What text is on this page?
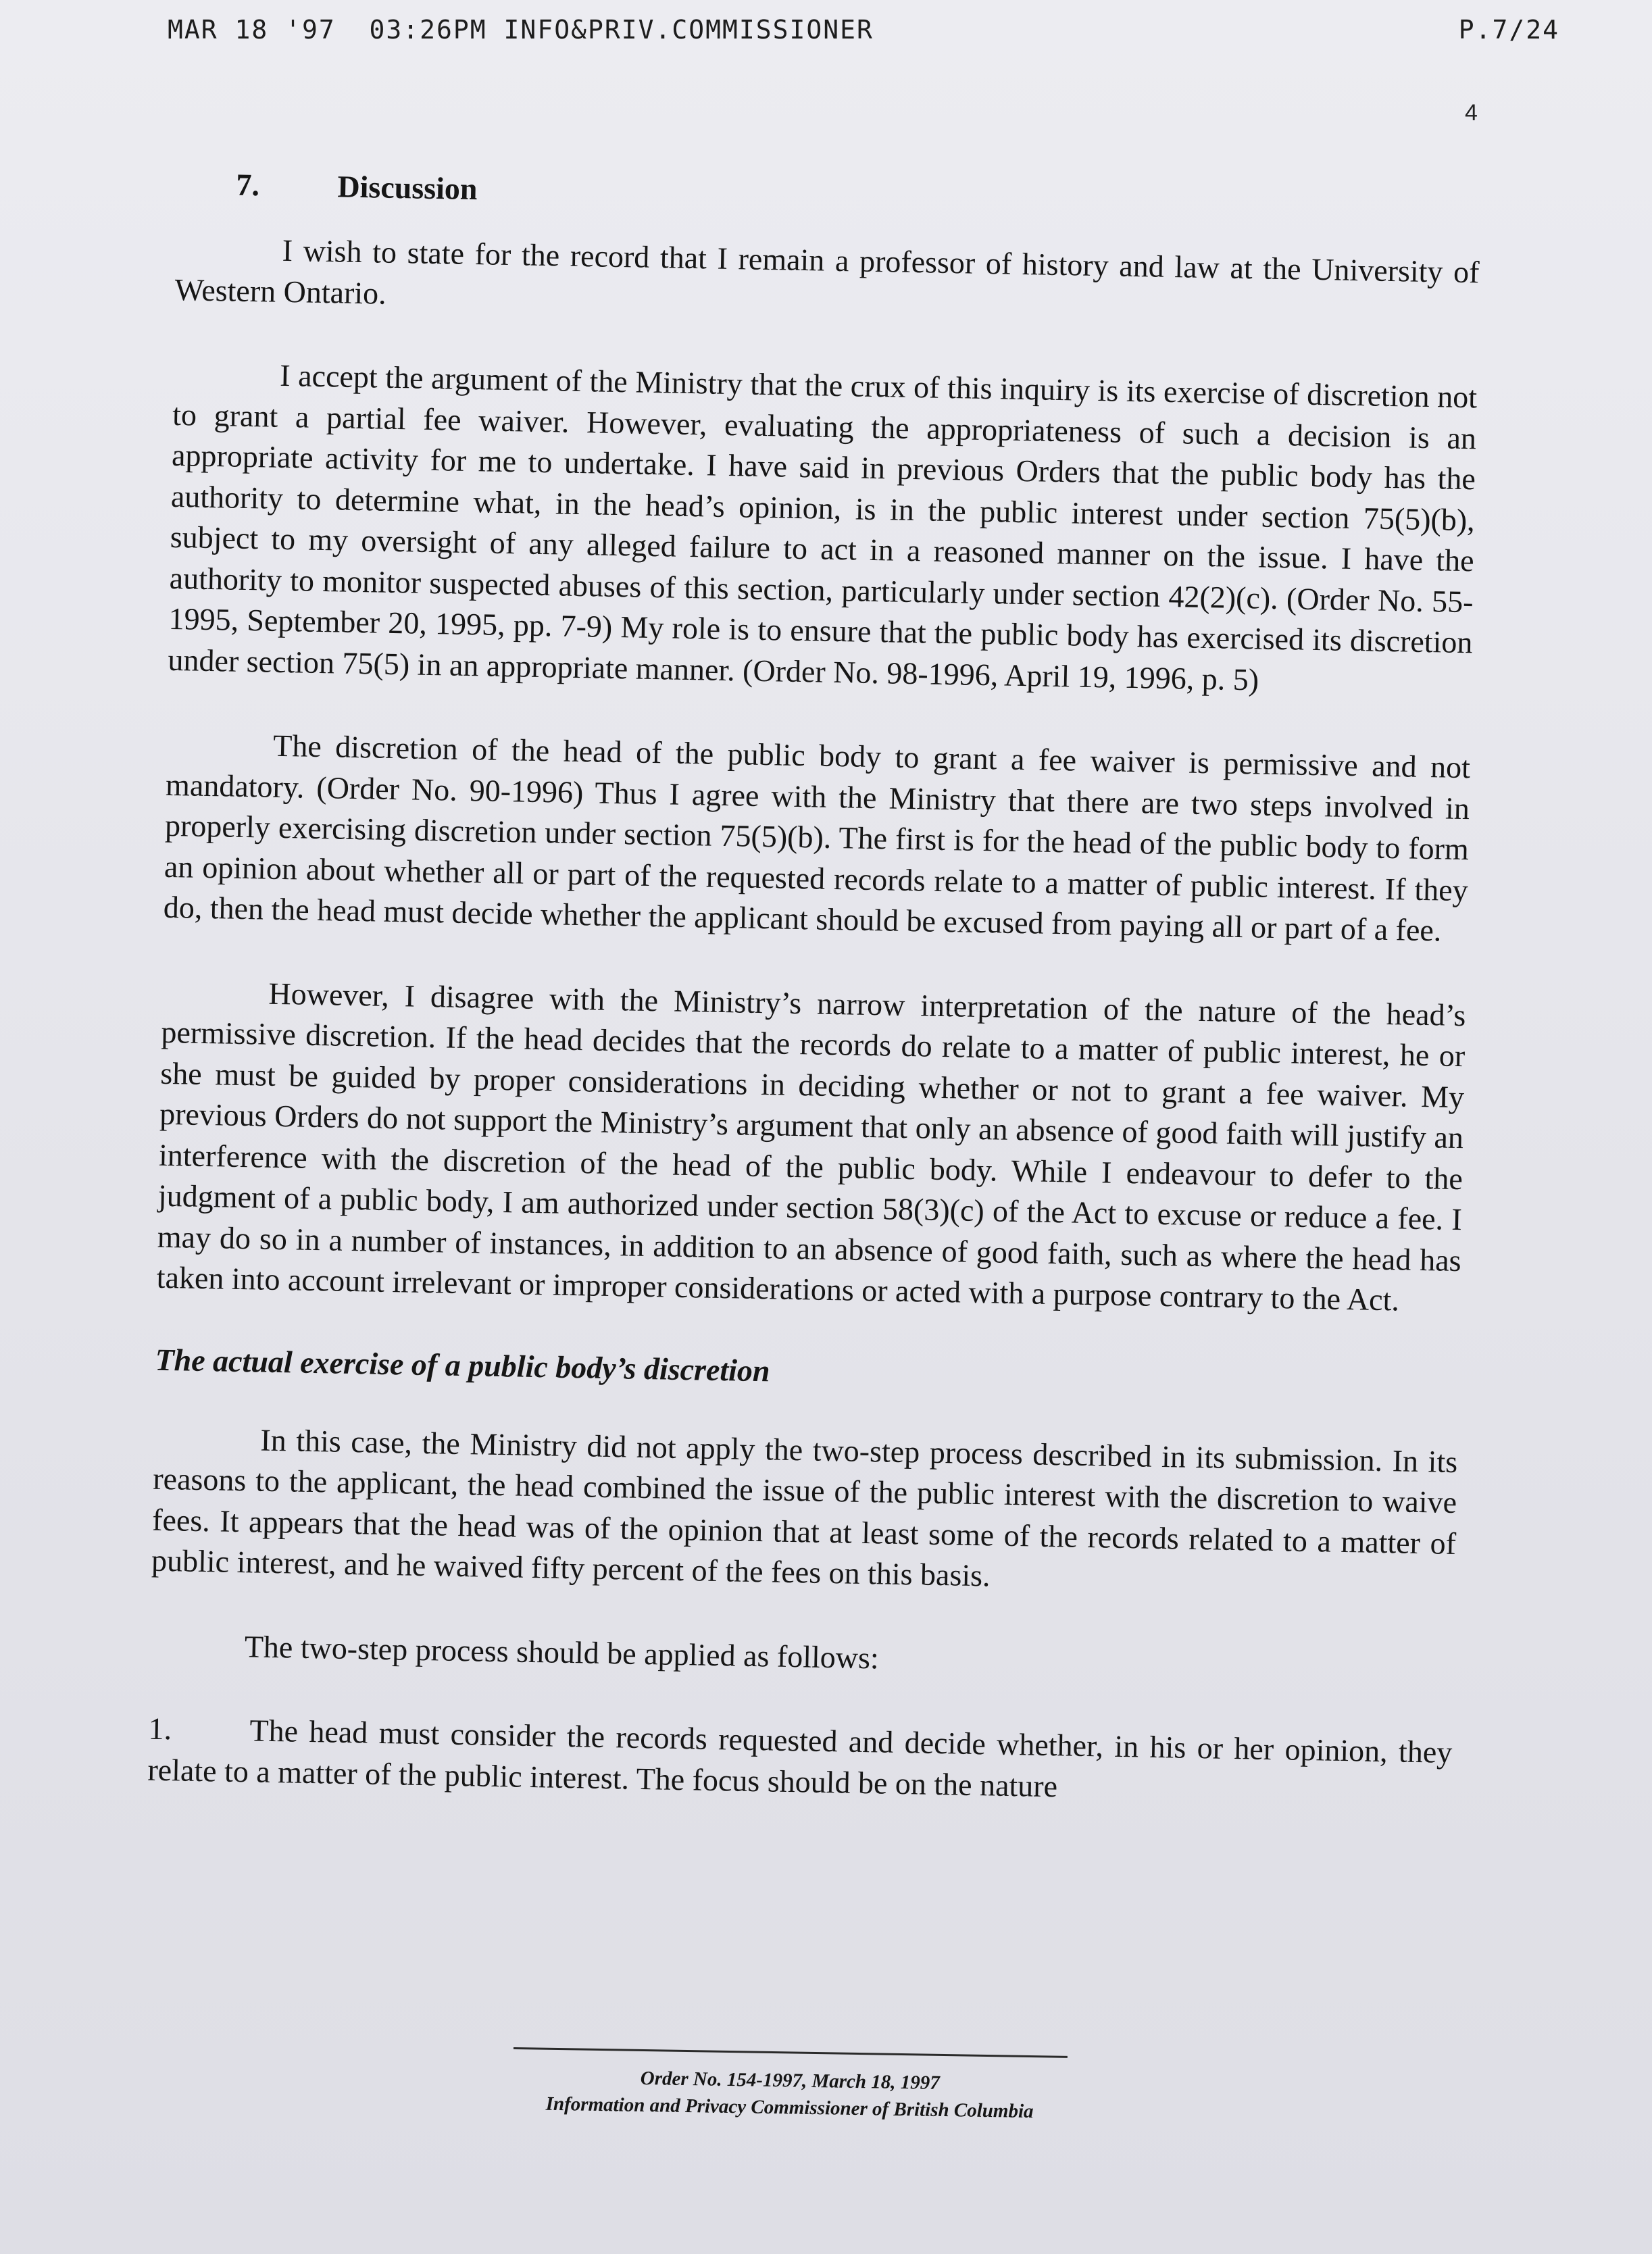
MAR 18 '97  03:26PM INFO&PRIV.COMMISSIONER	P.7/24
4
7.	Discussion

I wish to state for the record that I remain a professor of history and law at the University of Western Ontario.

I accept the argument of the Ministry that the crux of this inquiry is its exercise of discretion not to grant a partial fee waiver. However, evaluating the appropriateness of such a decision is an appropriate activity for me to undertake. I have said in previous Orders that the public body has the authority to determine what, in the head’s opinion, is in the public interest under section 75(5)(b), subject to my oversight of any alleged failure to act in a reasoned manner on the issue. I have the authority to monitor suspected abuses of this section, particularly under section 42(2)(c). (Order No. 55-1995, September 20, 1995, pp. 7-9) My role is to ensure that the public body has exercised its discretion under section 75(5) in an appropriate manner. (Order No. 98-1996, April 19, 1996, p. 5)

The discretion of the head of the public body to grant a fee waiver is permissive and not mandatory. (Order No. 90-1996) Thus I agree with the Ministry that there are two steps involved in properly exercising discretion under section 75(5)(b). The first is for the head of the public body to form an opinion about whether all or part of the requested records relate to a matter of public interest. If they do, then the head must decide whether the applicant should be excused from paying all or part of a fee.

However, I disagree with the Ministry’s narrow interpretation of the nature of the head’s permissive discretion. If the head decides that the records do relate to a matter of public interest, he or she must be guided by proper considerations in deciding whether or not to grant a fee waiver. My previous Orders do not support the Ministry’s argument that only an absence of good faith will justify an interference with the discretion of the head of the public body. While I endeavour to defer to the judgment of a public body, I am authorized under section 58(3)(c) of the Act to excuse or reduce a fee. I may do so in a number of instances, in addition to an absence of good faith, such as where the head has taken into account irrelevant or improper considerations or acted with a purpose contrary to the Act.

The actual exercise of a public body’s discretion

In this case, the Ministry did not apply the two-step process described in its submission. In its reasons to the applicant, the head combined the issue of the public interest with the discretion to waive fees. It appears that the head was of the opinion that at least some of the records related to a matter of public interest, and he waived fifty percent of the fees on this basis.

The two-step process should be applied as follows:

1. The head must consider the records requested and decide whether, in his or her opinion, they relate to a matter of the public interest. The focus should be on the nature
Order No. 154-1997, March 18, 1997
Information and Privacy Commissioner of British Columbia
